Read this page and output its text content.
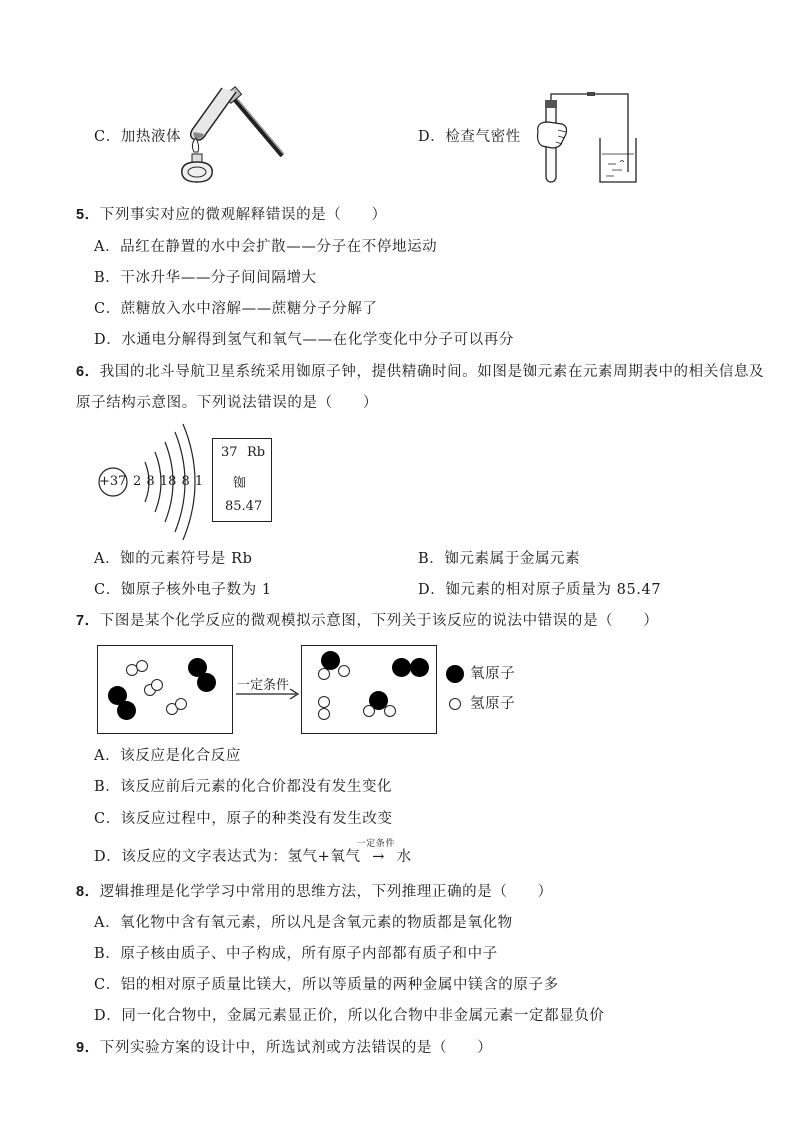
C．加热液体	D．检查气密性
5．下列事实对应的微观解释错误的是（　　）
A．品红在静置的水中会扩散——分子在不停地运动
B．干冰升华——分子间间隔增大
C．蔗糖放入水中溶解——蔗糖分子分解了
D．水通电分解得到氢气和氧气——在化学变化中分子可以再分
6．我国的北斗导航卫星系统采用铷原子钟，提供精确时间。如图是铷元素在元素周期表中的相关信息及
原子结构示意图。下列说法错误的是（　　）
+37 2 8 18 8 1
37 Rb
铷
85.47
A．铷的元素符号是 Rb	B．铷元素属于金属元素
C．铷原子核外电子数为 1	D．铷元素的相对原子质量为 85.47
7．下图是某个化学反应的微观模拟示意图，下列关于该反应的说法中错误的是（　　）
一定条件
氧原子
氢原子
A．该反应是化合反应
B．该反应前后元素的化合价都没有发生变化
C．该反应过程中，原子的种类没有发生改变
D．该反应的文字表达式为：氢气+氧气
一定条件
→ 水
8．逻辑推理是化学学习中常用的思维方法，下列推理正确的是（　　）
A．氧化物中含有氧元素，所以凡是含氧元素的物质都是氧化物
B．原子核由质子、中子构成，所有原子内部都有质子和中子
C．铝的相对原子质量比镁大，所以等质量的两种金属中镁含的原子多
D．同一化合物中，金属元素显正价，所以化合物中非金属元素一定都显负价
9．下列实验方案的设计中，所选试剂或方法错误的是（　　）
